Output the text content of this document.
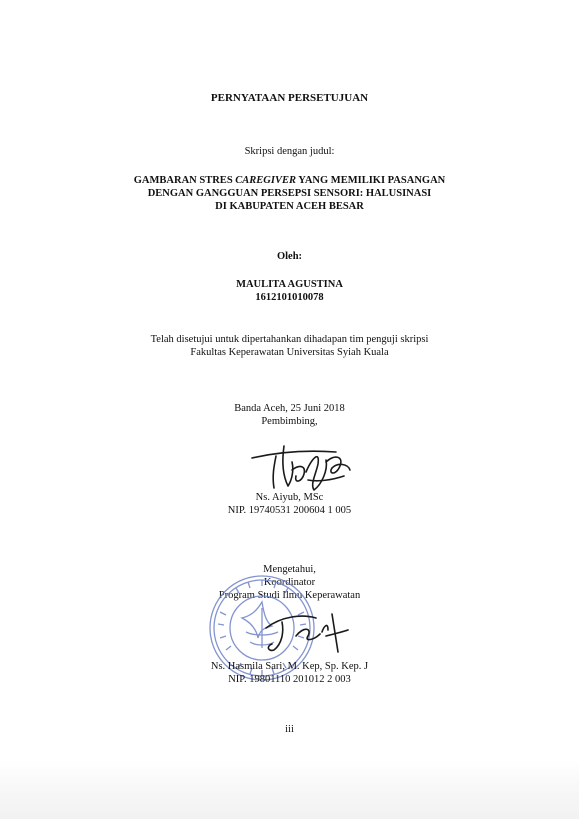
PERNYATAAN PERSETUJUAN
Skripsi dengan judul:
GAMBARAN STRES CAREGIVER YANG MEMILIKI PASANGAN
DENGAN GANGGUAN PERSEPSI SENSORI: HALUSINASI
DI KABUPATEN ACEH BESAR
Oleh:
MAULITA AGUSTINA
1612101010078
Telah disetujui untuk dipertahankan dihadapan tim penguji skripsi
Fakultas Keperawatan Universitas Syiah Kuala
Banda Aceh, 25 Juni 2018
Pembimbing,
Ns. Aiyub, MSc
NIP. 19740531 200604 1 005
Mengetahui,
Koordinator
Program Studi Ilmu Keperawatan
Ns. Hasmila Sari, M. Kep, Sp. Kep. J
NIP. 19801110 201012 2 003
iii
